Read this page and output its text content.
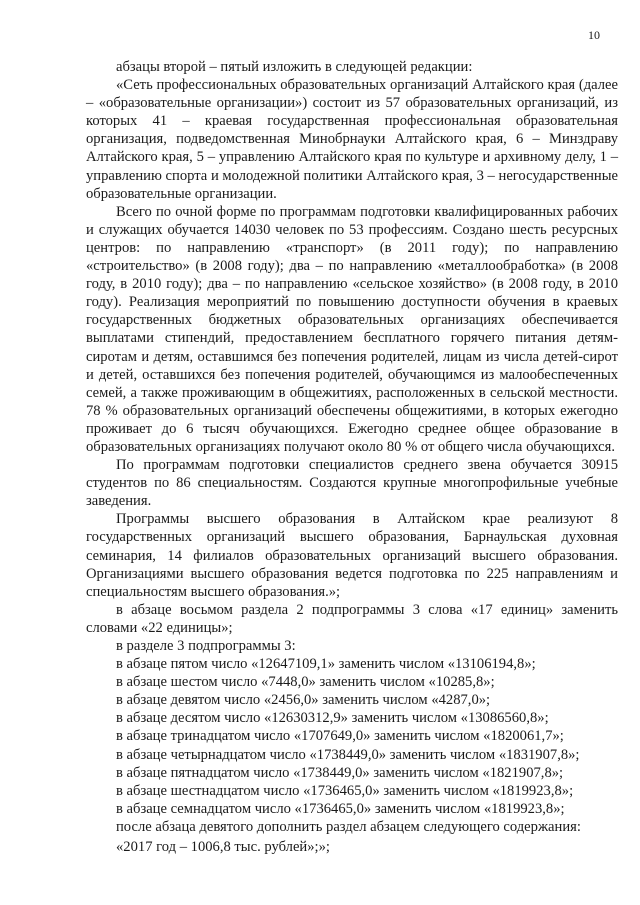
10

абзацы второй – пятый изложить в следующей редакции:

«Сеть профессиональных образовательных организаций Алтайского края (далее – «образовательные организации») состоит из 57 образовательных организаций, из которых 41 – краевая государственная профессиональная образовательная организация, подведомственная Минобрнауки Алтайского края, 6 – Минздраву Алтайского края, 5 – управлению Алтайского края по культуре и архивному делу, 1 – управлению спорта и молодежной политики Алтайского края, 3 – негосударственные образовательные организации.

Всего по очной форме по программам подготовки квалифицированных рабочих и служащих обучается 14030 человек по 53 профессиям. Создано шесть ресурсных центров: по направлению «транспорт» (в 2011 году); по направлению «строительство» (в 2008 году); два – по направлению «металлообработка» (в 2008 году, в 2010 году); два – по направлению «сельское хозяйство» (в 2008 году, в 2010 году). Реализация мероприятий по повышению доступности обучения в краевых государственных бюджетных образовательных организациях обеспечивается выплатами стипендий, предоставлением бесплатного горячего питания детям-сиротам и детям, оставшимся без попечения родителей, лицам из числа детей-сирот и детей, оставшихся без попечения родителей, обучающимся из малообеспеченных семей, а также проживающим в общежитиях, расположенных в сельской местности. 78 % образовательных организаций обеспечены общежитиями, в которых ежегодно проживает до 6 тысяч обучающихся. Ежегодно среднее общее образование в образовательных организациях получают около 80 % от общего числа обучающихся.

По программам подготовки специалистов среднего звена обучается 30915 студентов по 86 специальностям. Создаются крупные многопрофильные учебные заведения.

Программы высшего образования в Алтайском крае реализуют 8 государственных организаций высшего образования, Барнаульская духовная семинария, 14 филиалов образовательных организаций высшего образования. Организациями высшего образования ведется подготовка по 225 направлениям и специальностям высшего образования.»;

в абзаце восьмом раздела 2 подпрограммы 3 слова «17 единиц» заменить словами «22 единицы»;

в разделе 3 подпрограммы 3:

в абзаце пятом число «12647109,1» заменить числом «13106194,8»;

в абзаце шестом число «7448,0» заменить числом «10285,8»;

в абзаце девятом число «2456,0» заменить числом «4287,0»;

в абзаце десятом число «12630312,9» заменить числом «13086560,8»;

в абзаце тринадцатом число «1707649,0» заменить числом «1820061,7»;

в абзаце четырнадцатом число «1738449,0» заменить числом «1831907,8»;

в абзаце пятнадцатом число «1738449,0» заменить числом «1821907,8»;

в абзаце шестнадцатом число «1736465,0» заменить числом «1819923,8»;

в абзаце семнадцатом число «1736465,0» заменить числом «1819923,8»;

после абзаца девятого дополнить раздел абзацем следующего содержания:

«2017 год – 1006,8 тыс. рублей»;»;
